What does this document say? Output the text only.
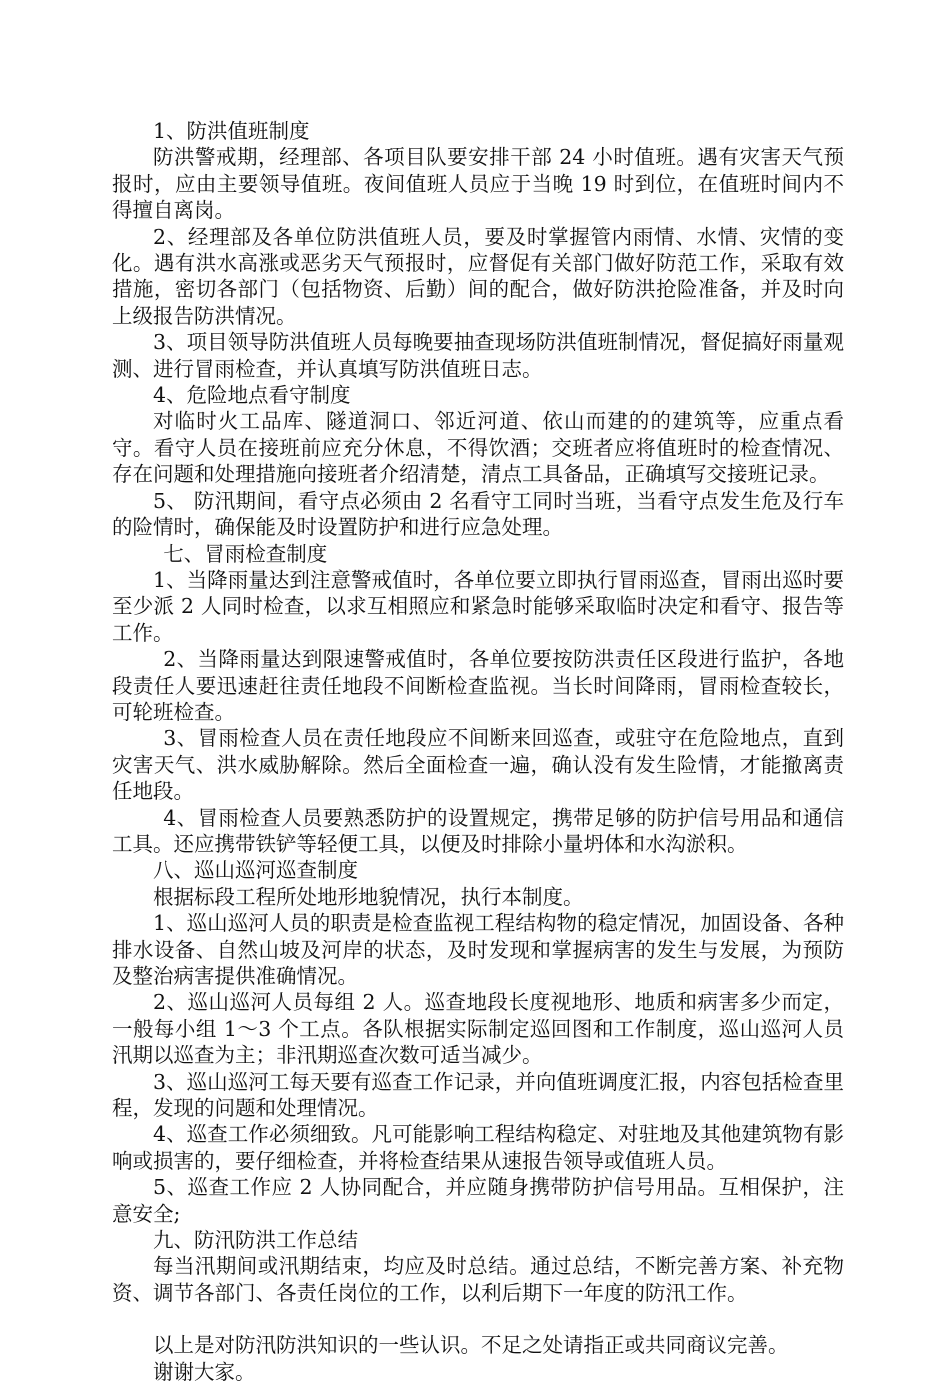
1、防洪值班制度

防洪警戒期，经理部、各项目队要安排干部 24 小时值班。遇有灾害天气预报时，应由主要领导值班。夜间值班人员应于当晚 19 时到位，在值班时间内不得擅自离岗。

2、经理部及各单位防洪值班人员，要及时掌握管内雨情、水情、灾情的变化。遇有洪水高涨或恶劣天气预报时，应督促有关部门做好防范工作，采取有效措施，密切各部门（包括物资、后勤）间的配合，做好防洪抢险准备，并及时向上级报告防洪情况。

3、项目领导防洪值班人员每晚要抽查现场防洪值班制情况，督促搞好雨量观测、进行冒雨检查，并认真填写防洪值班日志。

4、危险地点看守制度

对临时火工品库、隧道洞口、邻近河道、依山而建的的建筑等，应重点看守。看守人员在接班前应充分休息，不得饮酒；交班者应将值班时的检查情况、存在问题和处理措施向接班者介绍清楚，清点工具备品，正确填写交接班记录。

5、 防汛期间，看守点必须由 2 名看守工同时当班，当看守点发生危及行车的险情时，确保能及时设置防护和进行应急处理。

七、冒雨检查制度

1、当降雨量达到注意警戒值时，各单位要立即执行冒雨巡查，冒雨出巡时要至少派 2 人同时检查，以求互相照应和紧急时能够采取临时决定和看守、报告等工作。

2、当降雨量达到限速警戒值时，各单位要按防洪责任区段进行监护，各地段责任人要迅速赶往责任地段不间断检查监视。当长时间降雨，冒雨检查较长，可轮班检查。

3、冒雨检查人员在责任地段应不间断来回巡查，或驻守在危险地点，直到灾害天气、洪水威胁解除。然后全面检查一遍，确认没有发生险情，才能撤离责任地段。

4、冒雨检查人员要熟悉防护的设置规定，携带足够的防护信号用品和通信工具。还应携带铁铲等轻便工具，以便及时排除小量坍体和水沟淤积。

八、巡山巡河巡查制度

根据标段工程所处地形地貌情况，执行本制度。

1、巡山巡河人员的职责是检查监视工程结构物的稳定情况，加固设备、各种排水设备、自然山坡及河岸的状态，及时发现和掌握病害的发生与发展，为预防及整治病害提供准确情况。

2、巡山巡河人员每组 2 人。巡查地段长度视地形、地质和病害多少而定，一般每小组 1～3 个工点。各队根据实际制定巡回图和工作制度，巡山巡河人员汛期以巡查为主；非汛期巡查次数可适当减少。

3、巡山巡河工每天要有巡查工作记录，并向值班调度汇报，内容包括检查里程，发现的问题和处理情况。

4、巡查工作必须细致。凡可能影响工程结构稳定、对驻地及其他建筑物有影响或损害的，要仔细检查，并将检查结果从速报告领导或值班人员。

5、巡查工作应 2 人协同配合，并应随身携带防护信号用品。互相保护，注意安全;

九、防汛防洪工作总结

每当汛期间或汛期结束，均应及时总结。通过总结，不断完善方案、补充物资、调节各部门、各责任岗位的工作，以利后期下一年度的防汛工作。

以上是对防汛防洪知识的一些认识。不足之处请指正或共同商议完善。

谢谢大家。
